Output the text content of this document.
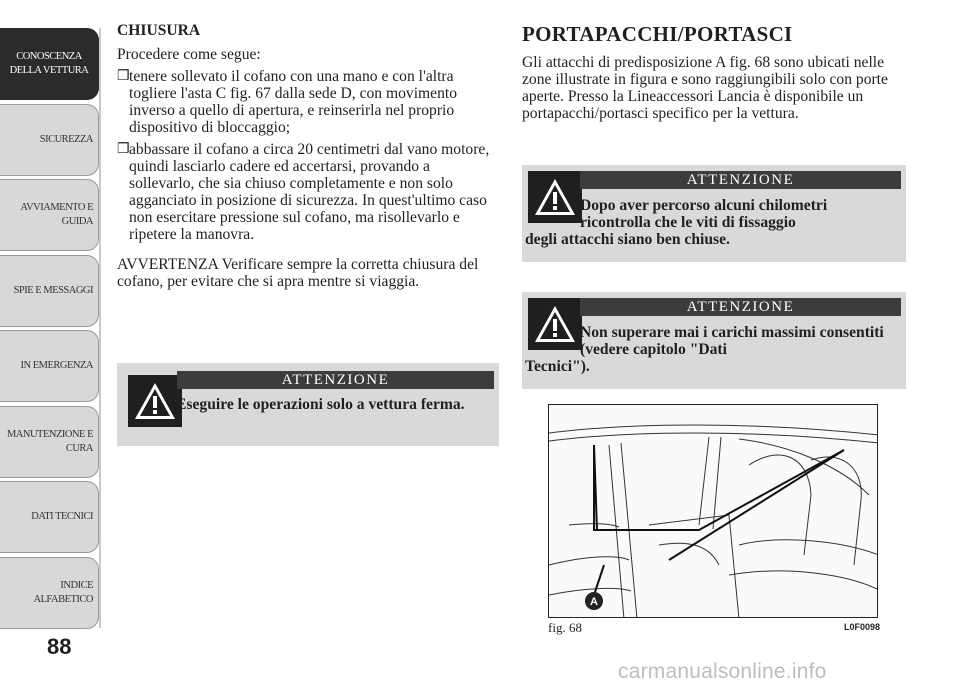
CONOSCENZA
DELLA VETTURA
SICUREZZA
AVVIAMENTO E
GUIDA
SPIE E MESSAGGI
IN EMERGENZA
MANUTENZIONE E
CURA
DATI TECNICI
INDICE
ALFABETICO
88
CHIUSURA
Procedere come segue:
❒ tenere sollevato il cofano con una mano e con l'altra togliere l'asta C fig. 67 dalla sede D, con movimento inverso a quello di apertura, e reinserirla nel proprio dispositivo di bloccaggio;
❒ abbassare il cofano a circa 20 centimetri dal vano motore, quindi lasciarlo cadere ed accertarsi, provando a sollevarlo, che sia chiuso completamente e non solo agganciato in posizione di sicurezza. In quest'ultimo caso non esercitare pressione sul cofano, ma risollevarlo e ripetere la manovra.
AVVERTENZA Verificare sempre la corretta chiusura del cofano, per evitare che si apra mentre si viaggia.
ATTENZIONE
Eseguire le operazioni solo a vettura ferma.
PORTAPACCHI/PORTASCI
Gli attacchi di predisposizione A fig. 68 sono ubicati nelle zone illustrate in figura e sono raggiungibili solo con porte aperte. Presso la Lineaccessori Lancia è disponibile un portapacchi/portasci specifico per la vettura.
ATTENZIONE
Dopo aver percorso alcuni chilometri ricontrolla che le viti di fissaggio
degli attacchi siano ben chiuse.
ATTENZIONE
Non superare mai i carichi massimi consentiti (vedere capitolo "Dati
Tecnici").
A
fig. 68	L0F0098
carmanualsonline.info
